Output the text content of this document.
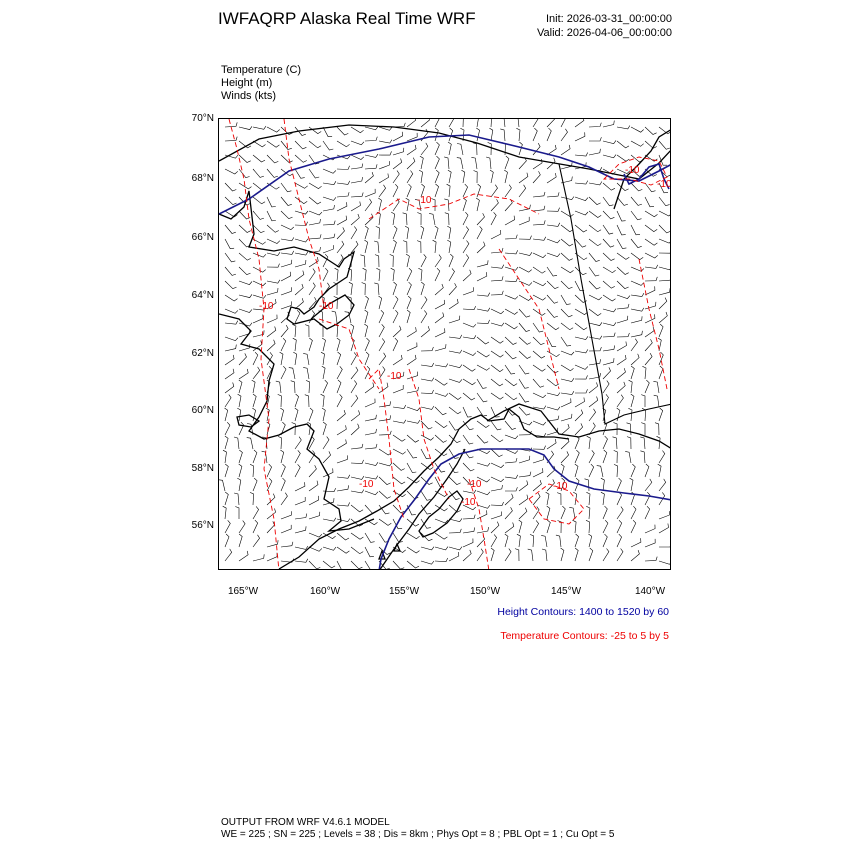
IWFAQRP Alaska Real Time WRF	Init: 2026-03-31_00:00:00
Valid: 2026-04-06_00:00:00
Temperature (C)
Height (m)
Winds (kts)
-10	-10
-10
-10
-10	-10
-10
-10
-10
-10
70°N
68°N
66°N
64°N
62°N
60°N
58°N
56°N
165°W	160°W	155°W	150°W	145°W	140°W
Height Contours: 1400 to 1520 by 60
Temperature Contours: -25 to 5 by 5
OUTPUT FROM WRF V4.6.1 MODEL
WE = 225 ; SN = 225 ; Levels = 38 ; Dis = 8km ; Phys Opt = 8 ; PBL Opt = 1 ; Cu Opt = 5
